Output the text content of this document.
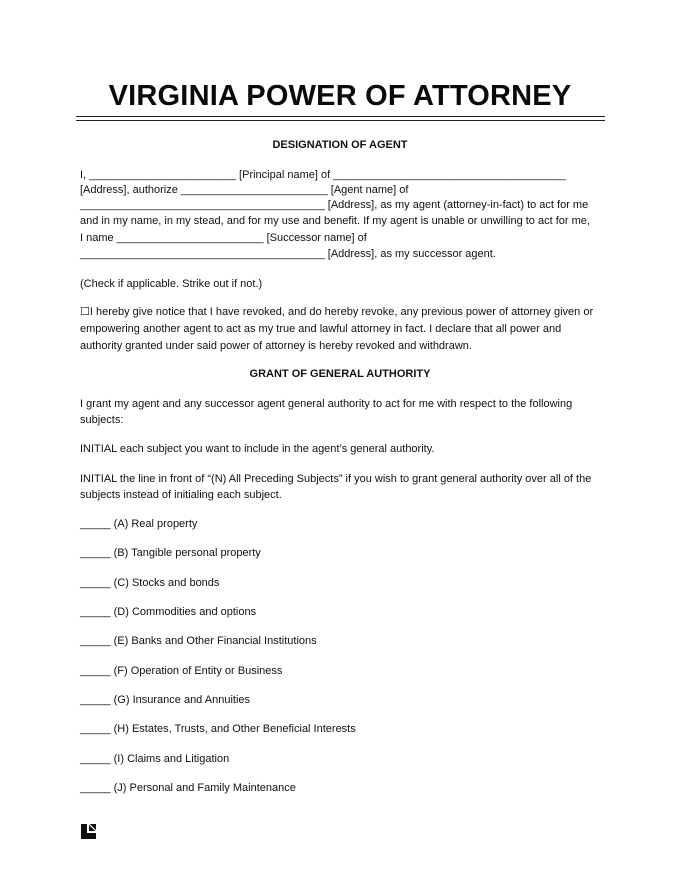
VIRGINIA POWER OF ATTORNEY
DESIGNATION OF AGENT
I, ________________________ [Principal name] of ______________________________________
[Address], authorize ________________________ [Agent name] of
________________________________________ [Address], as my agent (attorney-in-fact) to act for me
and in my name, in my stead, and for my use and benefit. If my agent is unable or unwilling to act for me,
I name ________________________ [Successor name] of
________________________________________ [Address], as my successor agent.
(Check if applicable. Strike out if not.)
☐I hereby give notice that I have revoked, and do hereby revoke, any previous power of attorney given or
empowering another agent to act as my true and lawful attorney in fact. I declare that all power and
authority granted under said power of attorney is hereby revoked and withdrawn.
GRANT OF GENERAL AUTHORITY
I grant my agent and any successor agent general authority to act for me with respect to the following
subjects:
INITIAL each subject you want to include in the agent’s general authority.
INITIAL the line in front of “(N) All Preceding Subjects” if you wish to grant general authority over all of the
subjects instead of initialing each subject.
_____ (A) Real property
_____ (B) Tangible personal property
_____ (C) Stocks and bonds
_____ (D) Commodities and options
_____ (E) Banks and Other Financial Institutions
_____ (F) Operation of Entity or Business
_____ (G) Insurance and Annuities
_____ (H) Estates, Trusts, and Other Beneficial Interests
_____ (I) Claims and Litigation
_____ (J) Personal and Family Maintenance
